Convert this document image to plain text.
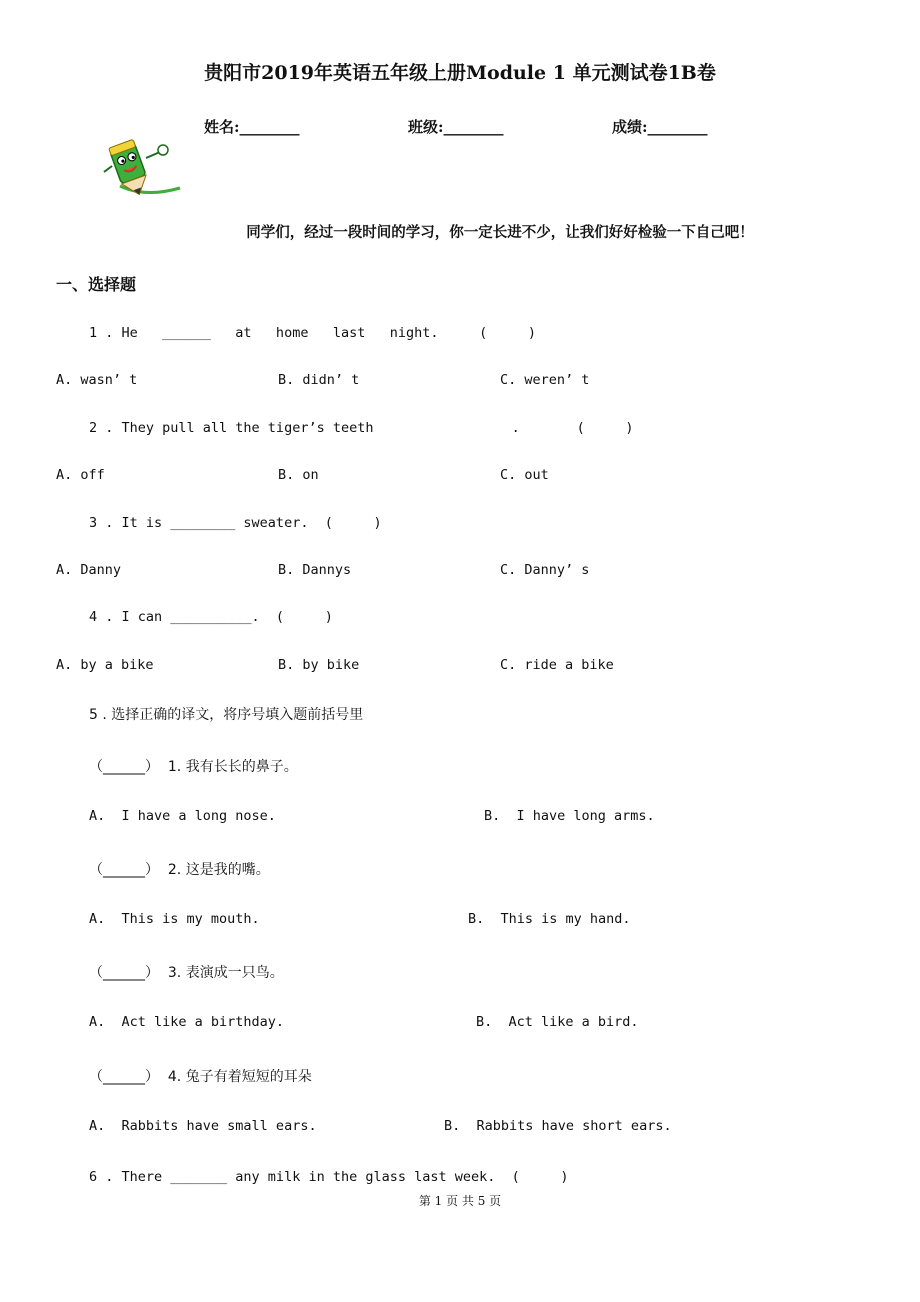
贵阳市2019年英语五年级上册Module 1 单元测试卷1B卷
姓名:________	班级:________	成绩:________
同学们，经过一段时间的学习，你一定长进不少，让我们好好检验一下自己吧！
一、选择题
1 . He   ______   at   home   last   night.     (     )
A. wasn’ t	B. didn’ t	C. weren’ t
2 . They pull all the tiger’s teeth                 .       (     )
A. off	B. on	C. out
3 . It is ________ sweater.  (     )
A. Danny	B. Dannys	C. Danny’ s
4 . I can __________.  (     )
A. by a bike	B. by bike	C. ride a bike
5 . 选择正确的译文，将序号填入题前括号里
（______）  1. 我有长长的鼻子。
A.  I have a long nose.	B.  I have long arms.
（______）  2. 这是我的嘴。
A.  This is my mouth.	B.  This is my hand.
（______）  3. 表演成一只鸟。
A.  Act like a birthday.	B.  Act like a bird.
（______）  4. 兔子有着短短的耳朵
A.  Rabbits have small ears.	B.  Rabbits have short ears.
6 . There _______ any milk in the glass last week.  (     )
第 1 页 共 5 页
